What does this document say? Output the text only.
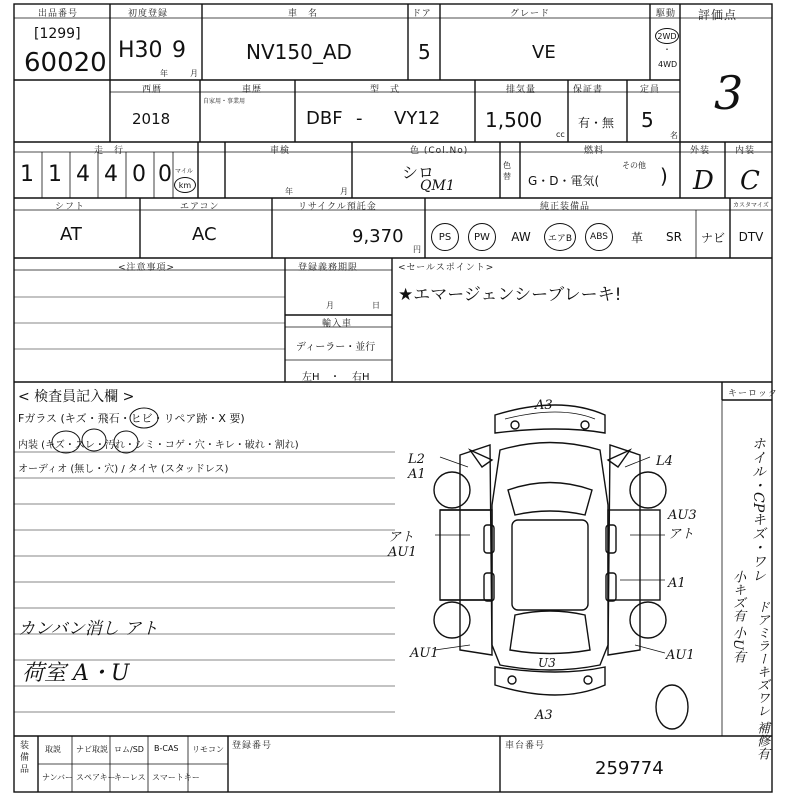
出品番号
[1299]
60020
初度登録
H30 9
年	月
車　名
NV150_AD
ドア
5
グレード
VE
駆動
2WD
・
4WD
評価点
3
西暦
2018
車歴
自家用・事業用
型　式
DBF - VY12
排気量
1,500
cc
保証書
有・無
定員
5
名
走　行
1 1 4 4 0 0 マイル
km
車検
年	月
色 (Col.No)
シロ
QM1
色替
燃料
G・D・電気(
その他 )
外装
D
内装
C
シフト
AT
エアコン
AC
リサイクル預託金
9,370
円
純正装備品	カスタマイズ
PS	PW	AW	エアB	ABS	革 SR ナビ DTV
<注意事項>	登録義務期限
月	日
輸入車
ディーラー・並行
左H ・ 右H
<セールスポイント>
★エマージェンシーブレーキ!
< 検査員記入欄 >
Fガラス (キズ・飛石・ヒビ・リペア跡・X 要)
内装 (キズ・スレ・汚れ・シミ・コゲ・穴・キレ・破れ・割れ)
オーディオ (無し・穴) / タイヤ (スタッドレス)
カンバン消し アト
荷室 A・U
キーロック
ホイル・CPキズ・ワレ
小キズ有 小U有 ドアミラーキズワレ 補修有
A3
A3
L2 A1
L4
アト AU1
AU3 アト
A1
AU1	AU1
U3
装備品
取説 ナビ取説 ロム/SD B-CAS リモコン
ナンバー スペアキー
キーレス スマートキー
登録番号	車台番号
259774
